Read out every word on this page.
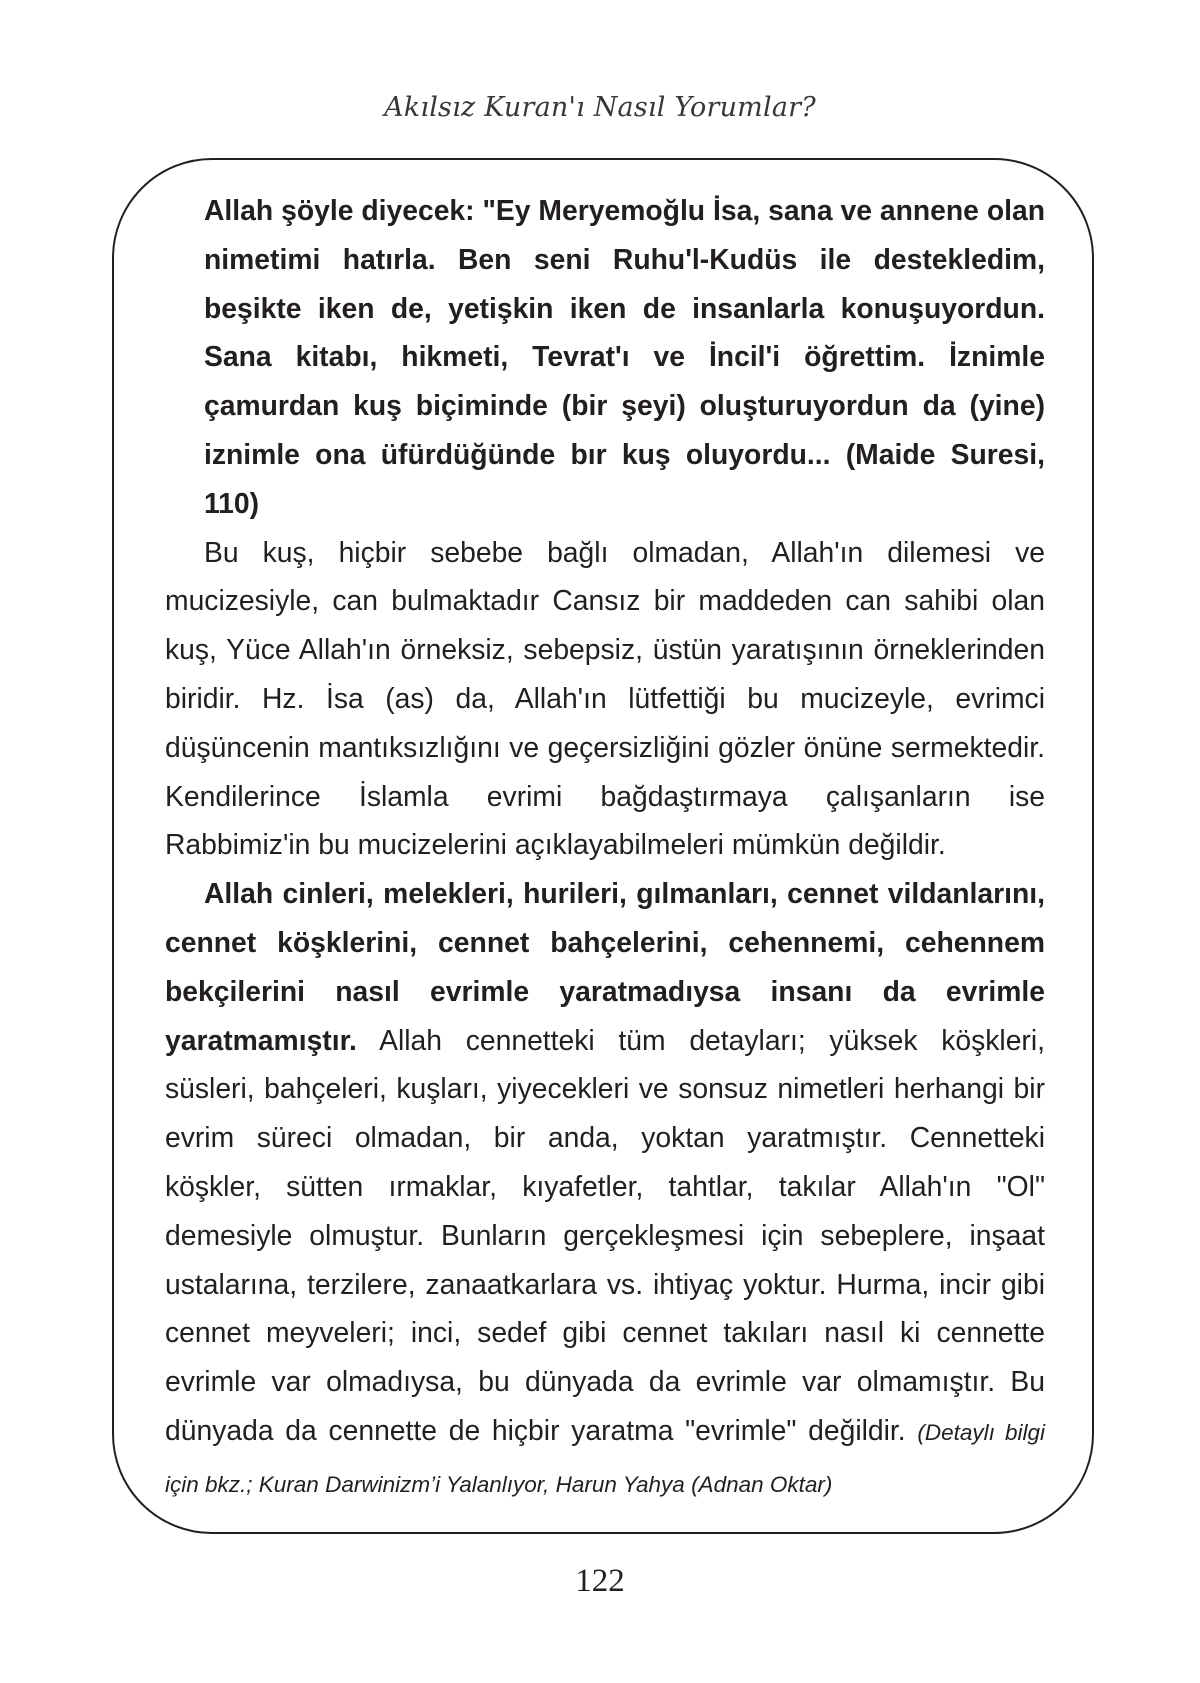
Akılsız Kuran'ı Nasıl Yorumlar?

Allah şöyle diyecek: "Ey Meryemoğlu İsa, sana ve annene olan nimetimi hatırla. Ben seni Ruhu'l-Kudüs ile destekledim, beşikte iken de, yetişkin iken de insanlarla konuşuyordun. Sana kitabı, hikmeti, Tevrat'ı ve İncil'i öğrettim. İznimle çamurdan kuş biçiminde (bir şeyi) oluşturuyordun da (yine) iznimle ona üfürdüğünde bır kuş oluyordu... (Maide Suresi, 110)

Bu kuş, hiçbir sebebe bağlı olmadan, Allah'ın dilemesi ve mucizesiyle, can bulmaktadır Cansız bir maddeden can sahibi olan kuş, Yüce Allah'ın örneksiz, sebepsiz, üstün yaratışının örneklerinden biridir. Hz. İsa (as) da, Allah'ın lütfettiği bu mucizeyle, evrimci düşüncenin mantıksızlığını ve geçersizliğini gözler önüne sermektedir. Kendilerince İslamla evrimi bağdaştırmaya çalışanların ise Rabbimiz'in bu mucizelerini açıklayabilmeleri mümkün değildir.

Allah cinleri, melekleri, hurileri, gılmanları, cennet vildanlarını, cennet köşklerini, cennet bahçelerini, cehennemi, cehennem bekçilerini nasıl evrimle yaratmadıysa insanı da evrimle yaratmamıştır. Allah cennetteki tüm detayları; yüksek köşkleri, süsleri, bahçeleri, kuşları, yiyecekleri ve sonsuz nimetleri herhangi bir evrim süreci olmadan, bir anda, yoktan yaratmıştır. Cennetteki köşkler, sütten ırmaklar, kıyafetler, tahtlar, takılar Allah'ın "Ol" demesiyle olmuştur. Bunların gerçekleşmesi için sebeplere, inşaat ustalarına, terzilere, zanaatkarlara vs. ihtiyaç yoktur. Hurma, incir gibi cennet meyveleri; inci, sedef gibi cennet takıları nasıl ki cennette evrimle var olmadıysa, bu dünyada da evrimle var olmamıştır. Bu dünyada da cennette de hiçbir yaratma "evrimle" değildir. (Detaylı bilgi için bkz.; Kuran Darwinizm’i Yalanlıyor, Harun Yahya (Adnan Oktar)

122
